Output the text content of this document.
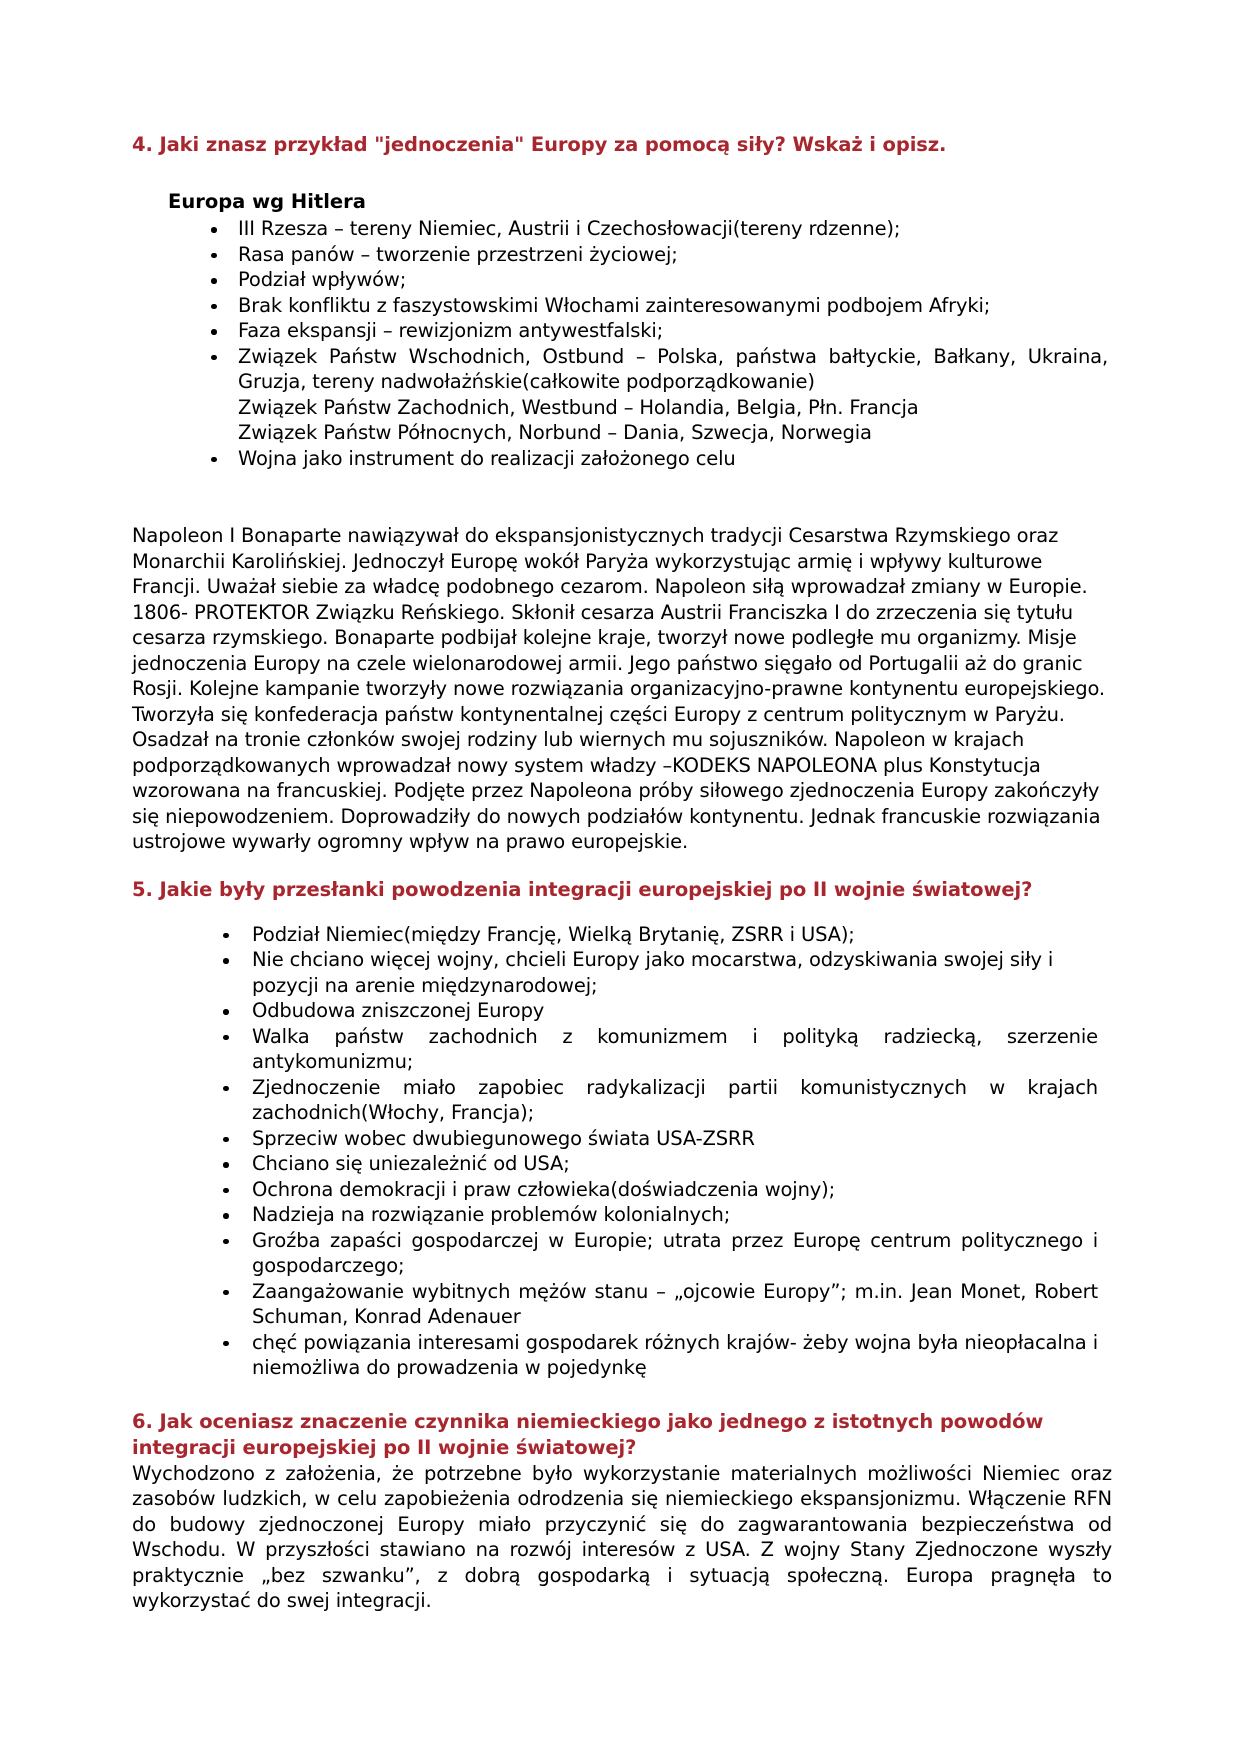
4. Jaki znasz przykład "jednoczenia" Europy za pomocą siły? Wskaż i opisz.
Europa wg Hitlera
III Rzesza – tereny Niemiec, Austrii i Czechosłowacji(tereny rdzenne);
Rasa panów – tworzenie przestrzeni życiowej;
Podział wpływów;
Brak konfliktu z faszystowskimi Włochami zainteresowanymi podbojem Afryki;
Faza ekspansji – rewizjonizm antywestfalski;
Związek Państw Wschodnich, Ostbund – Polska, państwa bałtyckie, Bałkany, Ukraina, Gruzja, tereny nadwołażńskie(całkowite podporządkowanie)
Związek Państw Zachodnich, Westbund – Holandia, Belgia, Płn. Francja
Związek Państw Północnych, Norbund – Dania, Szwecja, Norwegia
Wojna jako instrument do realizacji założonego celu

Napoleon I Bonaparte nawiązywał do ekspansjonistycznych tradycji Cesarstwa Rzymskiego oraz Monarchii Karolińskiej. Jednoczył Europę wokół Paryża wykorzystując armię i wpływy kulturowe Francji. Uważał siebie za władcę podobnego cezarom. Napoleon siłą wprowadzał zmiany w Europie. 1806- PROTEKTOR Związku Reńskiego. Skłonił cesarza Austrii Franciszka I do zrzeczenia się tytułu cesarza rzymskiego. Bonaparte podbijał kolejne kraje, tworzył nowe podległe mu organizmy. Misje jednoczenia Europy na czele wielonarodowej armii. Jego państwo sięgało od Portugalii aż do granic Rosji. Kolejne kampanie tworzyły nowe rozwiązania organizacyjno-prawne kontynentu europejskiego. Tworzyła się konfederacja państw kontynentalnej części Europy z centrum politycznym w Paryżu. Osadzał na tronie członków swojej rodziny lub wiernych mu sojuszników. Napoleon w krajach podporządkowanych wprowadzał nowy system władzy –KODEKS NAPOLEONA plus Konstytucja wzorowana na francuskiej. Podjęte przez Napoleona próby siłowego zjednoczenia Europy zakończyły się niepowodzeniem. Doprowadziły do nowych podziałów kontynentu. Jednak francuskie rozwiązania ustrojowe wywarły ogromny wpływ na prawo europejskie.

5. Jakie były przesłanki powodzenia integracji europejskiej po II wojnie światowej?
Podział Niemiec(między Francję, Wielką Brytanię, ZSRR i USA);
Nie chciano więcej wojny, chcieli Europy jako mocarstwa, odzyskiwania swojej siły i pozycji na arenie międzynarodowej;
Odbudowa zniszczonej Europy
Walka państw zachodnich z komunizmem i polityką radziecką, szerzenie antykomunizmu;
Zjednoczenie miało zapobiec radykalizacji partii komunistycznych w krajach zachodnich(Włochy, Francja);
Sprzeciw wobec dwubiegunowego świata USA-ZSRR
Chciano się uniezależnić od USA;
Ochrona demokracji i praw człowieka(doświadczenia wojny);
Nadzieja na rozwiązanie problemów kolonialnych;
Groźba zapaści gospodarczej w Europie; utrata przez Europę centrum politycznego i gospodarczego;
Zaangażowanie wybitnych mężów stanu – „ojcowie Europy”; m.in. Jean Monet, Robert Schuman, Konrad Adenauer
chęć powiązania interesami gospodarek różnych krajów- żeby wojna była nieopłacalna i niemożliwa do prowadzenia w pojedynkę
6. Jak oceniasz znaczenie czynnika niemieckiego jako jednego z istotnych powodów
integracji europejskiej po II wojnie światowej?

Wychodzono z założenia, że potrzebne było wykorzystanie materialnych możliwości Niemiec oraz zasobów ludzkich, w celu zapobieżenia odrodzenia się niemieckiego ekspansjonizmu. Włączenie RFN do budowy zjednoczonej Europy miało przyczynić się do zagwarantowania bezpieczeństwa od Wschodu. W przyszłości stawiano na rozwój interesów z USA. Z wojny Stany Zjednoczone wyszły praktycznie „bez szwanku”, z dobrą gospodarką i sytuacją społeczną. Europa pragnęła to wykorzystać do swej integracji.
